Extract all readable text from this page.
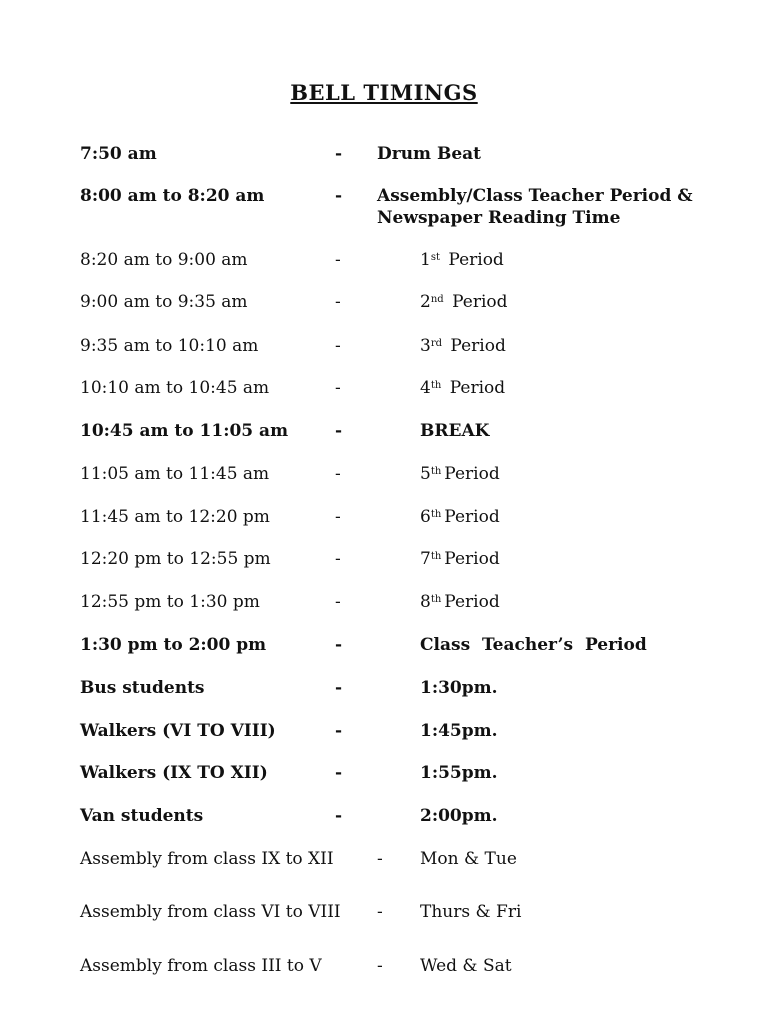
BELL TIMINGS
7:50 am	- Drum Beat
8:00 am to 8:20 am	- Assembly/Class Teacher Period &
Newspaper Reading Time
8:20 am to 9:00 am	-	1st Period
9:00 am to 9:35 am	-	2nd Period
9:35 am to 10:10 am	-	3rd Period
10:10 am to 10:45 am	-	4th Period
10:45 am to 11:05 am	-	BREAK
11:05 am to 11:45 am	-	5th Period
11:45 am to 12:20 pm	-	6th Period
12:20 pm to 12:55 pm	-	7th Period
12:55 pm to 1:30 pm	-	8th Period
1:30 pm to 2:00 pm	-	Class  Teacher’s  Period
Bus students	-	1:30pm.
Walkers (VI TO VIII)	-	1:45pm.
Walkers (IX TO XII)	-	1:55pm.
Van students	-	2:00pm.
Assembly from class IX to XII	- Mon & Tue
Assembly from class VI to VIII - Thurs & Fri
Assembly from class III to V	- Wed & Sat
